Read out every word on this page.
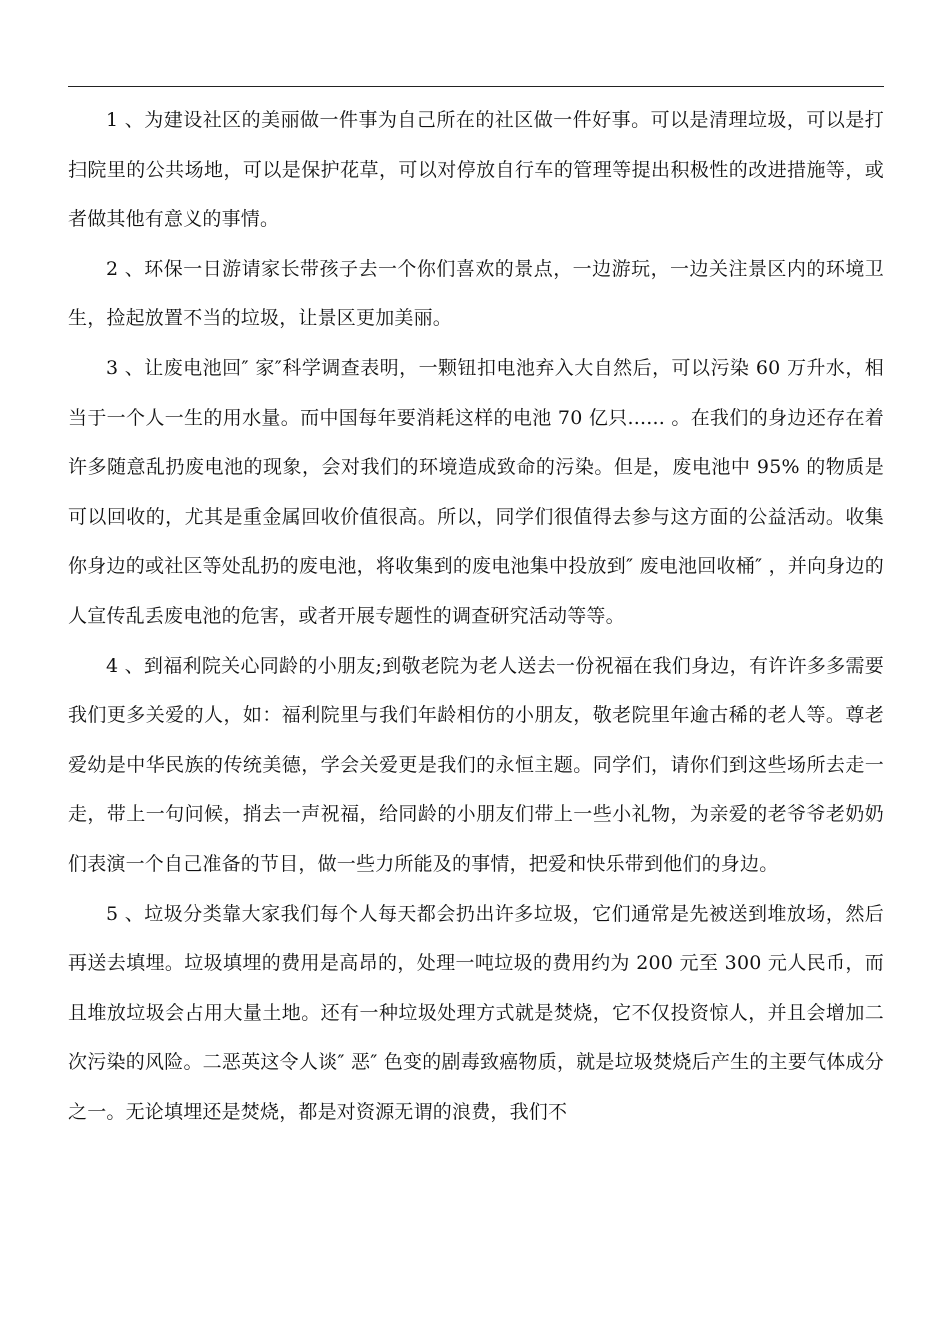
1 、为建设社区的美丽做一件事为自己所在的社区做一件好事。可以是清理垃圾，可以是打扫院里的公共场地，可以是保护花草，可以对停放自行车的管理等提出积极性的改进措施等，或者做其他有意义的事情。

2 、环保一日游请家长带孩子去一个你们喜欢的景点，一边游玩，一边关注景区内的环境卫生，捡起放置不当的垃圾，让景区更加美丽。

3 、让废电池回″ 家″科学调查表明，一颗钮扣电池弃入大自然后，可以污染 60 万升水，相当于一个人一生的用水量。而中国每年要消耗这样的电池 70 亿只...... 。在我们的身边还存在着许多随意乱扔废电池的现象，会对我们的环境造成致命的污染。但是，废电池中 95% 的物质是可以回收的，尤其是重金属回收价值很高。所以，同学们很值得去参与这方面的公益活动。收集你身边的或社区等处乱扔的废电池，将收集到的废电池集中投放到″ 废电池回收桶″ ，并向身边的人宣传乱丢废电池的危害，或者开展专题性的调查研究活动等等。

4 、到福利院关心同龄的小朋友;到敬老院为老人送去一份祝福在我们身边，有许许多多需要我们更多关爱的人，如：福利院里与我们年龄相仿的小朋友，敬老院里年逾古稀的老人等。尊老爱幼是中华民族的传统美德，学会关爱更是我们的永恒主题。同学们，请你们到这些场所去走一走，带上一句问候，捎去一声祝福，给同龄的小朋友们带上一些小礼物，为亲爱的老爷爷老奶奶们表演一个自己准备的节目，做一些力所能及的事情，把爱和快乐带到他们的身边。

5 、垃圾分类靠大家我们每个人每天都会扔出许多垃圾，它们通常是先被送到堆放场，然后再送去填埋。垃圾填埋的费用是高昂的，处理一吨垃圾的费用约为 200 元至 300 元人民币，而且堆放垃圾会占用大量土地。还有一种垃圾处理方式就是焚烧，它不仅投资惊人，并且会增加二次污染的风险。二恶英这令人谈″ 恶″ 色变的剧毒致癌物质，就是垃圾焚烧后产生的主要气体成分之一。无论填埋还是焚烧，都是对资源无谓的浪费，我们不
